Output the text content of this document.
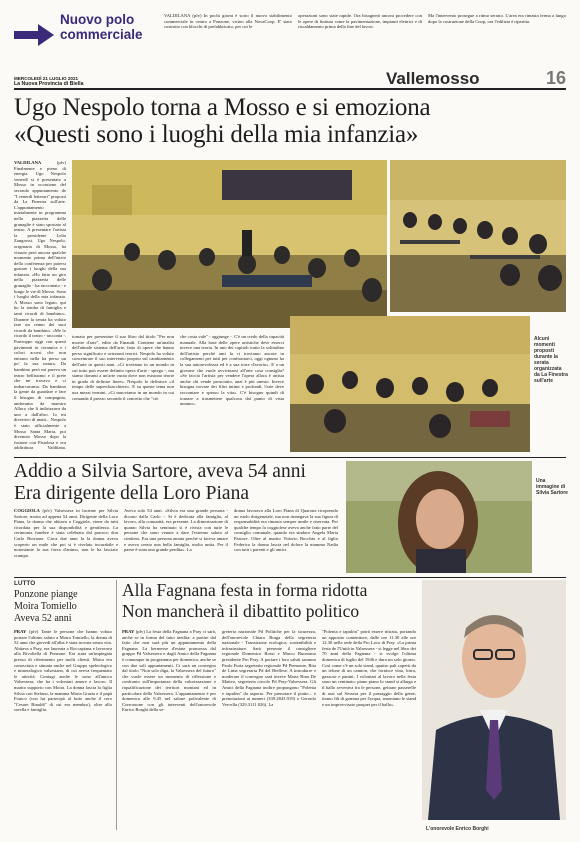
Nuovo polo
commerciale
VALDILANA (pfv) In pochi giorni è sorto il nuovo stabilimento commerciale in centro a Ponzone, vicino alla NovaCoop. E' stato costruito con blocchi di prefabbricato, per cui le
operazioni sono state rapide. Ora bisognerà ancora procedere con le opere di finitura come la pavimentazione, impianti elettrici e di riscaldamento prima della fine del lavori.
Ma l'intervento prosegue a ritmo serrato. L'area era rimasta ferma a lungo dopo la costruzione della Coop, ora l'edilizia è ripartita.
MERCOLEDÌ 21 LUGLIO 2021
La Nuova Provincia di Biella	Vallemosso	16
Ugo Nespolo torna a Mosso e si emoziona
«Questi sono i luoghi della mia infanzia»
VALDILANA	(pfv) Finalmente e pieno di energia. Ugo Nespolo venerdì si è presentato a Mosso in occasione del secondo appuntamento de "I venerdì letterari" proposti da La Finestra sull'arte. L'appuntamento inizialmente in programma nella piazzetta delle granaglie è stato spostato al teatro. A presentare l'artista la presidente Lelia Zangrossi. Ugo Nespolo, originario di Mosso, ha vissuto però ancora qualche momento prima dell'inizio della conferenza per potersi gustare i luoghi della sua infanzia. «Ho fatto un giro nella piazzetta delle granaglie - ha raccontato - e lungo le vie di Mosso. Sono i luoghi della mia infanzia. A Mosso sono legato, qui ho la tomba di famiglia e tanti ricordi di bambino». Durante la serata ha voluto fare un cenno dei suoi ricordi da bambino. «Me lo ricordo il teatro - racconta -. Purtroppo oggi con questi pavimenti in ceramica e i colori accesi che non entrano nella ha perso un po' la sua natura. Da bambino però mi pareva un teatro bellissimo e il prete che mi trovavo e ci imbarcavamo. Da bambino la gente da guardare e fare il bisogno di compagnia, andavamo da maestro Alloro che li indirizzava da uno a dall'altro. Io mi divertivo di matti... Nespolo è stato ufficialmente a Mosso Santa Maria, poi divenuto Mosso dopo la fusione con Pistolesa e ora addirittura Valdilana.
tornato per presentare il suo libro dal titolo "Per non morire d'arte", edito da Einaudi. Contiene un'analisi dell'attuale sistema dell'arte, fatto di opere che hanno perso significato e orizzonti teorici. Nespolo ha voluto concentrare il suo intervento proprio sul cambiamento dell'arte in questi anni. «Ci troviamo in un mondo in cui tutto può essere definito opera d'arte - spiega -, ma siamo davanti a un'arte vuota dove non esistono teorie in grado di definire linee». Nespolo lo definisce «il tempo delle superchiacchiere». E su queste tema non usa mezzi termini. «Ci muoviamo in un mondo in cui comanda il prezzo secondo il concetto che "ciò
che costa vale" - aggiunge -. C'è un credo della capacità manuale. Alla base delle opere artistiche deve esserci invece una teoria. In uno dei capitoli tratto la solitudine dell'artista perché ami la ci troviamo ancora in collegamenti per tutti per confrontarci, oggi ognuno ha la sua autorevolezza ed è a sua torre d'avorio». E a un giovane che vuole avvicinarsi all'arte cosa consiglia? «Se faccio l'artista per vendere l'opera allora è artista anche chi vende prosciutto, anzi è più onesto. Invece bisogna trovare dei filtri intimi e profondi, l'arte deve raccontare e spesso la vita». C'è bisogno quindi di tornare a trasmettere qualcosa dal punto di vista umano».
Alcuni momenti proposti durante la serata organizzata da La Finestra sull'arte
Addio a Silvia Sartore, aveva 54 anni
Era dirigente della Loro Piana
COGGIOLA (pfv) Valsessera in lacrime per Silvia Sartore, morta ad appena 54 anni. Dirigente della Loro Piana, la donna che abitava a Coggiola, viene da tutti ricordata per la sua disponibilità e gentilezza. La cerimonia funebre è stata celebrata dal parroco don Carlo Borrione. Circa due anni fa la donna aveva scoperto un male che poi si è rivelato incurabile e nonostante la sua forza d'animo, non le ha lasciato scampo.
Aveva solo 54 anni. «Silvia era una grande persona - dicono dalla Carlo -. Si è dedicata alla famiglia, al lavoro, alla comunità, era presente. La dimostrazione di quanto Silvia ha seminato si è rivista con tutte le persone che sono venute a dare l'estremo saluto al cimitero. Era una persona amata perché si faceva amare e aveva creato una bella famiglia, molto unita. Per il paese è stata una grande perdita». La
donna lavorava alla Loro Piana di Quarona ricoprendo un ruolo dirigenziale, ma non rinnegava la sua figura di responsabilità era rimasta sempre umile e riservata. Per qualche tempo la coggiolese aveva anche fatto parte del consiglio comunale, quando era sindaco Angela Maria Pastore. Oltre al marito Vittorio Bocchio e al figlio Federico la donna lascia nel dolore la mamma Nadia con tutti i parenti e gli amici.
Una immagine di Silvia Sartore
LUTTO
Ponzone piange
Moira Tomiello
Aveva 52 anni
PRAY (pfv) Tante le persone che hanno voluto portare l'ultimo saluto a Moira Tomiello, la donna di 52 anni che giovedì all'alba è stata trovata senza vita. Abitava a Pray, era laureata a Roccapiana e lavorava alla Rivoltella di Ponzone. Era stata un'impiegata presso di riferimento per molti clienti. Moira era conosciuta e stimata anche nel Gruppo speleologico e mineralogico valsesiano, di cui aveva frequentato le attività. Coniugi anche le sono all'amico Valsessera, che ha i volontari amore e lavoro. Il marito supporto con Moira. La donna lascia la figlia Silvia con Stefano, la mamma Maria Grazia e il papà Franco (con lui partecipò al lutto anche il coro "Cesare Rinaldi" di cui era membro), oltre allo sorella e famiglia.
Alla Fagnana festa in forma ridotta
Non mancherà il dibattito politico
PRAY (pfv) La festa della Fagnana a Pray ci sarà, anche se in forma del tutto inedita: a partire dal fatto che non sarà più un appuntamento della Fagnana. La kermesse d'estate promossa dal gruppo Pd Valsessera e dagli Amici della Fagnana è comunque in programma per domenica, anche se con due soli appuntamenti. Ci sarà un convegno dal titolo "Non solo diga, la Valsessera del futuro" che vuole essere un momento di riflessione e confronto sull'importanza della valorizzazione e riqualificazione dei territori montani ed in particolare della Valsessera. L'appuntamento è per domenica alle 9.45 nel salone polivalente di Corrossone con gli interventi dell'onorevole Enrico Borghi della se-
greteria nazionale Pd Politiche per la sicurezza, dell'onorevole Chiara Braga della segreteria nazionale - Transizione ecologica, sostenibilità e infrastrutture. Sarà presente il consigliere regionale Domenico Rossi e Marco Buonomo presidente Pro Pray. A portare i loro saluti saranno Paolo Furia segretario regionale Pd Piemonte, Rita de Lima segretaria Pd del Biellese. A introdurre e moderare il convegno sarà invece Maria Rina De Matteo, segreteria circolo Pd Pray-Valsessera. Gli Amici della Fagnana inoltre propongono "Polenta e tapulòn" da asporto. Per prenotare il piatto... e prenotazioni ai numeri (339.2843.919) o Gerardo Vercella (329.3111.026). La
"Polenta e tapulòn" potrà essere ritirata, portando un apposito contenitore, dalle ore 11.30 alle ore 12.30 nella sede della Pro Loco di Pray. «La prima festa de l'Unità in Valsessera - si legge nel libro dei 70 anni della Fagnana - si svolge l'ultima domenica di luglio del 1946 e dura un solo giorno. Così come c'è un solo stand, quattro pali coperti da un telone di un camion, che fornisce vino, birra, gazzose e panini. I volontari al lavoro nella festa sono un centinaio: piano piano lo stand si allarga e il ballo avveniva fra le persone, gettano passerelle di assi sul Sessera per il passaggio della gente, tirano fili di gomma per l'acqua, smontano le stand e un improvvisato parquet per il ballo».
L'onorevole Enrico Borghi
